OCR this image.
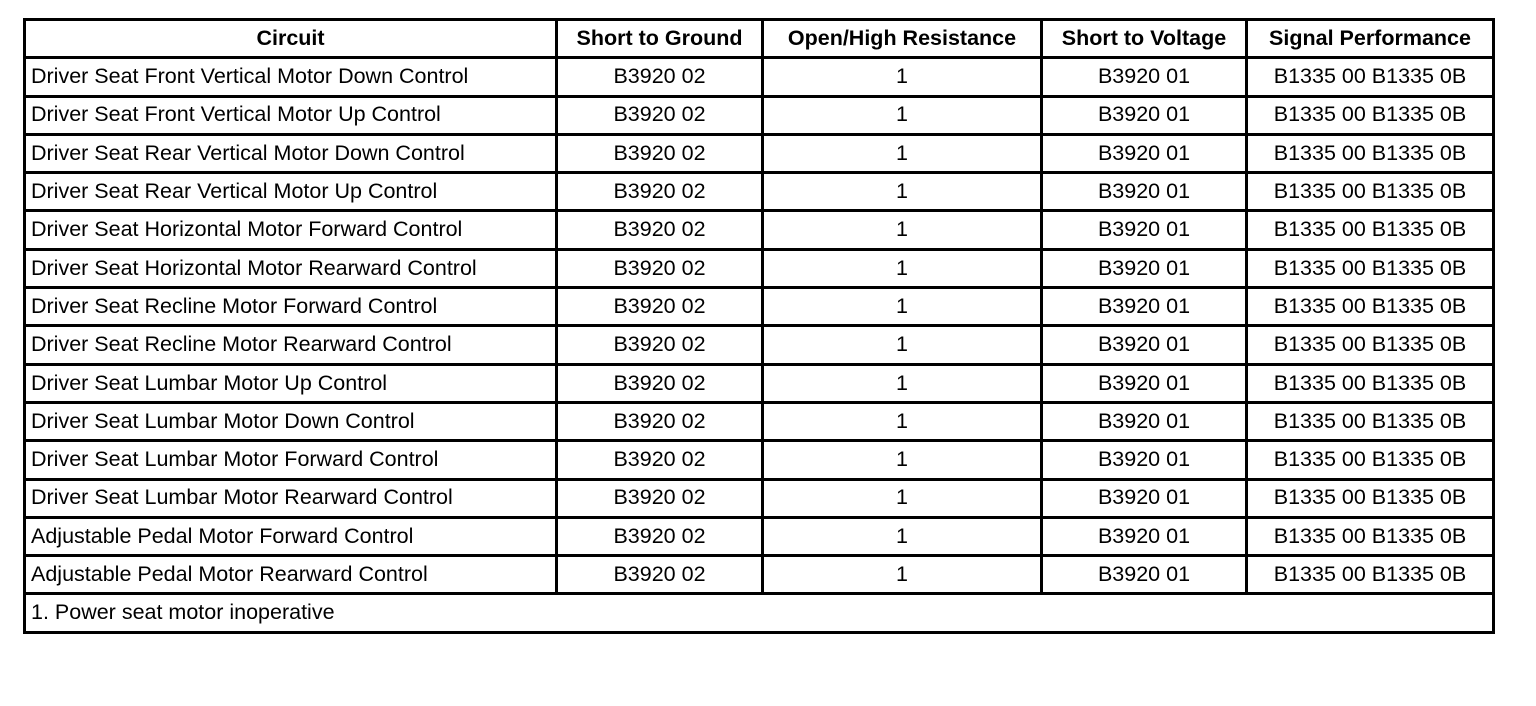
Circuit	Short to Ground	Open/High Resistance	Short to Voltage	Signal Performance
Driver Seat Front Vertical Motor Down Control	B3920 02	1	B3920 01	B1335 00 B1335 0B
Driver Seat Front Vertical Motor Up Control	B3920 02	1	B3920 01	B1335 00 B1335 0B
Driver Seat Rear Vertical Motor Down Control	B3920 02	1	B3920 01	B1335 00 B1335 0B
Driver Seat Rear Vertical Motor Up Control	B3920 02	1	B3920 01	B1335 00 B1335 0B
Driver Seat Horizontal Motor Forward Control	B3920 02	1	B3920 01	B1335 00 B1335 0B
Driver Seat Horizontal Motor Rearward Control	B3920 02	1	B3920 01	B1335 00 B1335 0B
Driver Seat Recline Motor Forward Control	B3920 02	1	B3920 01	B1335 00 B1335 0B
Driver Seat Recline Motor Rearward Control	B3920 02	1	B3920 01	B1335 00 B1335 0B
Driver Seat Lumbar Motor Up Control	B3920 02	1	B3920 01	B1335 00 B1335 0B
Driver Seat Lumbar Motor Down Control	B3920 02	1	B3920 01	B1335 00 B1335 0B
Driver Seat Lumbar Motor Forward Control	B3920 02	1	B3920 01	B1335 00 B1335 0B
Driver Seat Lumbar Motor Rearward Control	B3920 02	1	B3920 01	B1335 00 B1335 0B
Adjustable Pedal Motor Forward Control	B3920 02	1	B3920 01	B1335 00 B1335 0B
Adjustable Pedal Motor Rearward Control	B3920 02	1	B3920 01	B1335 00 B1335 0B
1. Power seat motor inoperative				
